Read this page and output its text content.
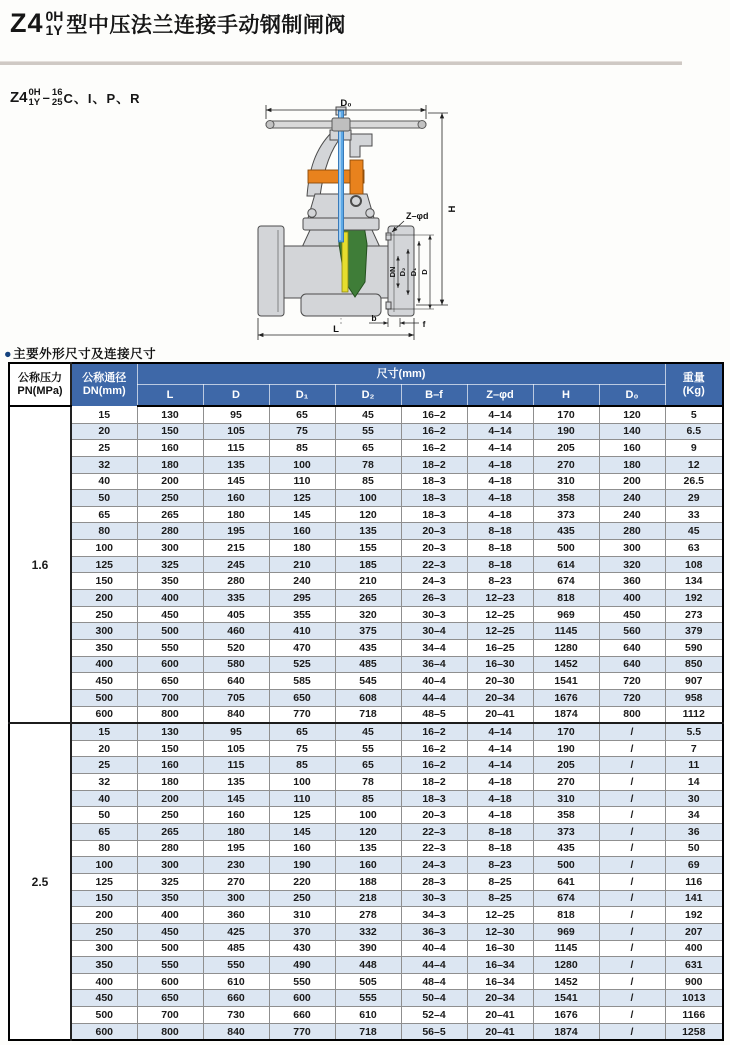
Z4 0H
1Y 型中压法兰连接手动钢制闸阀
Z4 0H
1Y – 16
25 C、I、P、R	D₀
H
Z–φd
DN D₂ D₁ D
L
b
f
●主要外形尺寸及连接尺寸
公称压力
PN(MPa)

公称通径
DN(mm)
	尺寸(mm)	重量
(Kg)

		L	D	D₁	D₂	B–f	Z–φd	H	D₀	
1.6	15	130	95	65	45	16–2	4–14	170	120	5
	20	150	105	75	55	16–2	4–14	190	140	6.5
	25	160	115	85	65	16–2	4–14	205	160	9
	32	180	135	100	78	18–2	4–18	270	180	12
	40	200	145	110	85	18–3	4–18	310	200	26.5
	50	250	160	125	100	18–3	4–18	358	240	29
	65	265	180	145	120	18–3	4–18	373	240	33
	80	280	195	160	135	20–3	8–18	435	280	45
	100	300	215	180	155	20–3	8–18	500	300	63
	125	325	245	210	185	22–3	8–18	614	320	108
	150	350	280	240	210	24–3	8–23	674	360	134
	200	400	335	295	265	26–3	12–23	818	400	192
	250	450	405	355	320	30–3	12–25	969	450	273
	300	500	460	410	375	30–4	12–25	1145	560	379
	350	550	520	470	435	34–4	16–25	1280	640	590
	400	600	580	525	485	36–4	16–30	1452	640	850
	450	650	640	585	545	40–4	20–30	1541	720	907
	500	700	705	650	608	44–4	20–34	1676	720	958
	600	800	840	770	718	48–5	20–41	1874	800	1112
2.5	15	130	95	65	45	16–2	4–14	170	/	5.5
	20	150	105	75	55	16–2	4–14	190	/	7
	25	160	115	85	65	16–2	4–14	205	/	11
	32	180	135	100	78	18–2	4–18	270	/	14
	40	200	145	110	85	18–3	4–18	310	/	30
	50	250	160	125	100	20–3	4–18	358	/	34
	65	265	180	145	120	22–3	8–18	373	/	36
	80	280	195	160	135	22–3	8–18	435	/	50
	100	300	230	190	160	24–3	8–23	500	/	69
	125	325	270	220	188	28–3	8–25	641	/	116
	150	350	300	250	218	30–3	8–25	674	/	141
	200	400	360	310	278	34–3	12–25	818	/	192
	250	450	425	370	332	36–3	12–30	969	/	207
	300	500	485	430	390	40–4	16–30	1145	/	400
	350	550	550	490	448	44–4	16–34	1280	/	631
	400	600	610	550	505	48–4	16–34	1452	/	900
	450	650	660	600	555	50–4	20–34	1541	/	1013
	500	700	730	660	610	52–4	20–41	1676	/	1166
	600	800	840	770	718	56–5	20–41	1874	/	1258
